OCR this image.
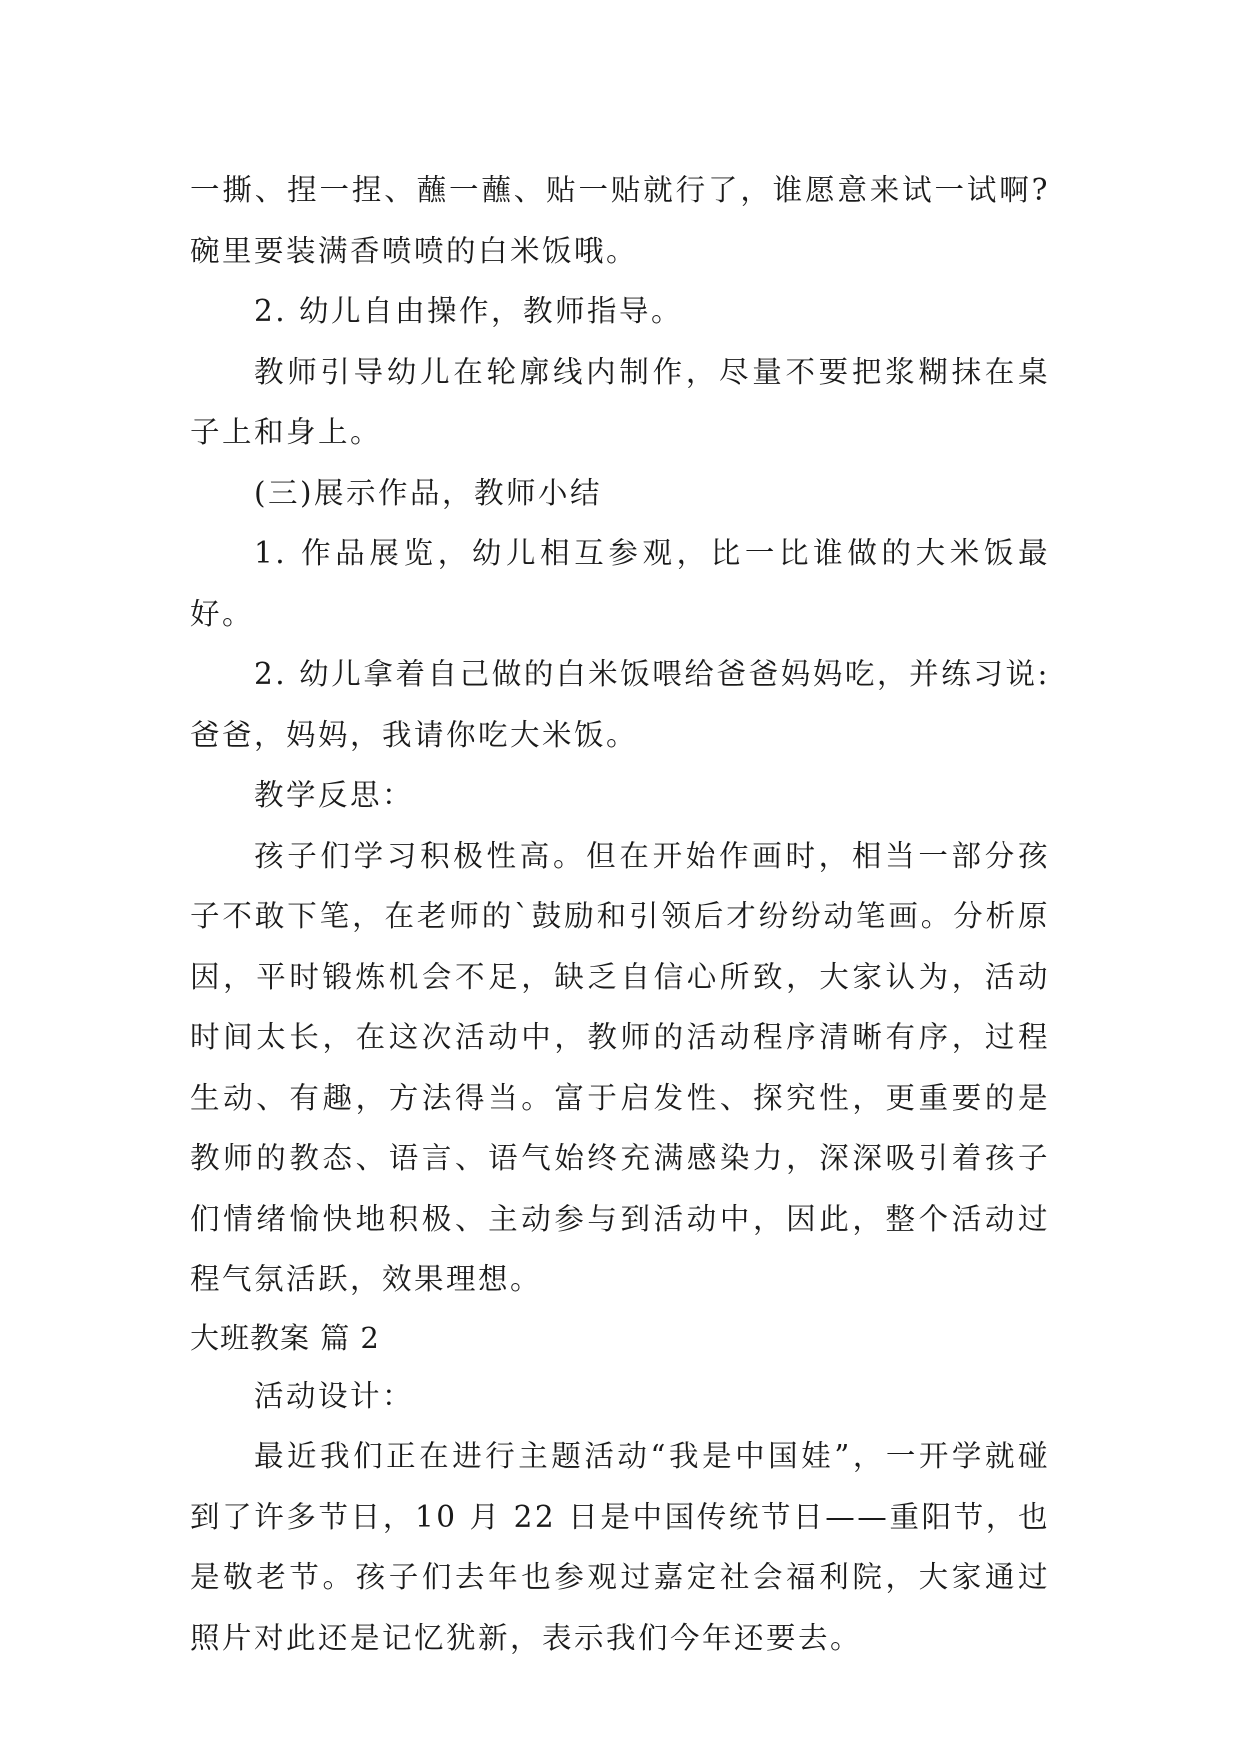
一撕、捏一捏、蘸一蘸、贴一贴就行了，谁愿意来试一试啊?碗里要装满香喷喷的白米饭哦。

2. 幼儿自由操作，教师指导。

教师引导幼儿在轮廓线内制作，尽量不要把浆糊抹在桌子上和身上。

(三)展示作品，教师小结

1. 作品展览，幼儿相互参观，比一比谁做的大米饭最好。

2. 幼儿拿着自己做的白米饭喂给爸爸妈妈吃，并练习说:爸爸，妈妈，我请你吃大米饭。

教学反思：

孩子们学习积极性高。但在开始作画时，相当一部分孩子不敢下笔，在老师的`鼓励和引领后才纷纷动笔画。分析原因，平时锻炼机会不足，缺乏自信心所致，大家认为，活动时间太长，在这次活动中，教师的活动程序清晰有序，过程生动、有趣，方法得当。富于启发性、探究性，更重要的是教师的教态、语言、语气始终充满感染力，深深吸引着孩子们情绪愉快地积极、主动参与到活动中，因此，整个活动过程气氛活跃，效果理想。

大班教案 篇 2

活动设计：

最近我们正在进行主题活动“我是中国娃”，一开学就碰到了许多节日，10 月 22 日是中国传统节日——重阳节，也是敬老节。孩子们去年也参观过嘉定社会福利院，大家通过照片对此还是记忆犹新，表示我们今年还要去。
